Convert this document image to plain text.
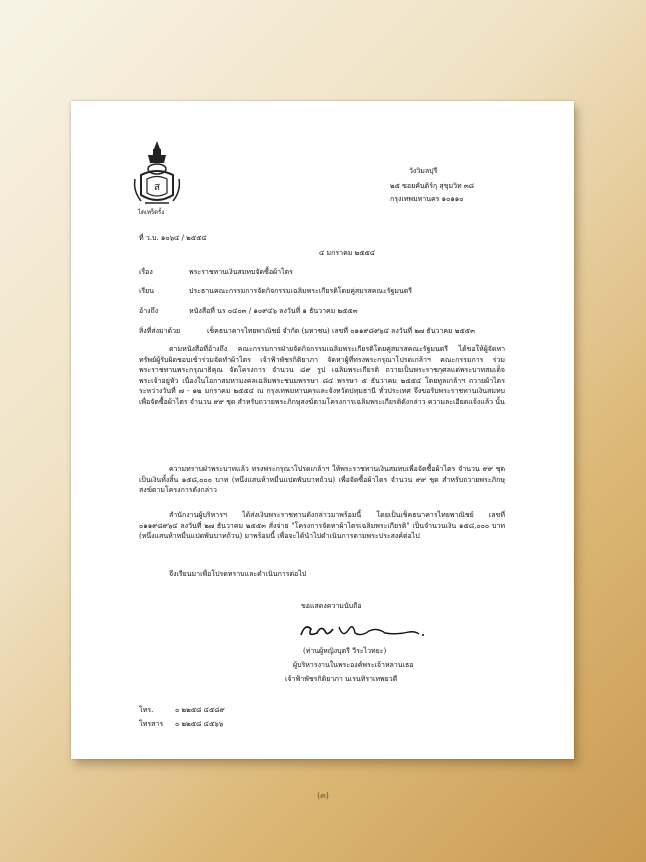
ส
ไดเทร็ดรั้ง
วังวิมลปุรี
๒๕ ซอยคันติร์กุ สุขุมวิท ๓๘
กรุงเทพมหานคร ๑๐๑๑๐
ที่ ว.บ. ๑๐๖๔ / ๒๕๕๔
๔ มกราคม ๒๕๕๔
เรื่อง	พระราชทานเงินสมทบจัดซื้อผ้าไตร
เรียน	ประธานคณะกรรมการจัดกิจกรรมเฉลิมพระเกียรติโดยคู่สมรสคณะรัฐมนตรี
อ้างถึง	หนังสือที่ นร ๐๔๐๓ / ๑๐๙๔๖ ลงวันที่ ๑ ธันวาคม ๒๕๕๓
สิ่งที่ส่งมาด้วย	เช็คธนาคารไทยพาณิชย์ จำกัด (มหาชน) เลขที่ ๐๑๑๙๘๙๖๔ ลงวันที่ ๒๗ ธันวาคม ๒๕๕๓
ตามหนังสือที่อ้างถึง คณะกรรมการฝ่ายจัดกิจกรรมเฉลิมพระเกียรติโดยคู่สมรสคณะรัฐมนตรี ได้ขอให้ผู้จัดหาทรัพย์ผู้รับผิดชอบเข้าร่วมจัดทำผ้าไตร เจ้าฟ้าพัชรกิติยาภา จัดหาผู้ที่ทรงพระกรุณาโปรดเกล้าฯ คณะกรรมการ ร่วมพระราชทานพระกรุณาธิคุณ จัดโครงการ จำนวน ๘๙ รูป เฉลิมพระเกียรติ ถวายเป็นพระราชกุศลแด่พระบาทสมเด็จพระเจ้าอยู่หัว เนื่องในโอกาสมหามงคลเฉลิมพระชนมพรรษา ๘๔ พรรษา ๕ ธันวาคม ๒๕๕๔ โดยทูลเกล้าฯ ถวายผ้าไตร ระหว่างวันที่ ๗ - ๑๒ มกราคม ๒๕๕๔ ณ กรุงเทพมหานครและจังหวัดปทุมธานี ทั่วประเทศ จึงขอรับพระราชทานเงินสมทบเพื่อจัดซื้อผ้าไตร จำนวน ๙๙ ชุด สำหรับถวายพระภิกษุสงฆ์ตามโครงการเฉลิมพระเกียรติดังกล่าว ความละเอียดแจ้งแล้ว นั้น
ความทราบฝ่าพระบาทแล้ว ทรงพระกรุณาโปรดเกล้าฯ ให้พระราชทานเงินสมทบเพื่อจัดซื้อผ้าไตร จำนวน ๙๙ ชุด เป็นเงินทั้งสิ้น ๑๕๘,๐๐๐ บาท (หนึ่งแสนห้าหมื่นแปดพันบาทถ้วน) เพื่อจัดซื้อผ้าไตร จำนวน ๙๙ ชุด สำหรับถวายพระภิกษุสงฆ์ตามโครงการดังกล่าว
สำนักงานผู้บริหารฯ ได้ส่งเงินพระราชทานดังกล่าวมาพร้อมนี้ โดยเป็นเช็คธนาคารไทยพาณิชย์ เลขที่ ๐๑๑๙๘๙๖๔ ลงวันที่ ๒๗ ธันวาคม ๒๕๕๓ สั่งจ่าย "โครงการจัดหาผ้าไตรเฉลิมพระเกียรติ" เป็นจำนวนเงิน ๑๕๘,๐๐๐ บาท (หนึ่งแสนห้าหมื่นแปดพันบาทถ้วน) มาพร้อมนี้ เพื่อจะได้นำไปดำเนินการตามพระประสงค์ต่อไป
จึงเรียนมาเพื่อโปรดทราบและดำเนินการต่อไป
ขอแสดงความนับถือ
(ท่านผู้หญิงบุตรี วีระไวทยะ)
ผู้บริหารงานในพระองค์พระเจ้าหลานเธอ
เจ้าฟ้าพัชรกิติยาภา นเรนทิราเทพยวดี
โทร.	๐ ๒๒๕๘ ๔๕๘๙
โทรสาร ๐ ๒๒๕๘ ๔๕๖๖
(๓)
